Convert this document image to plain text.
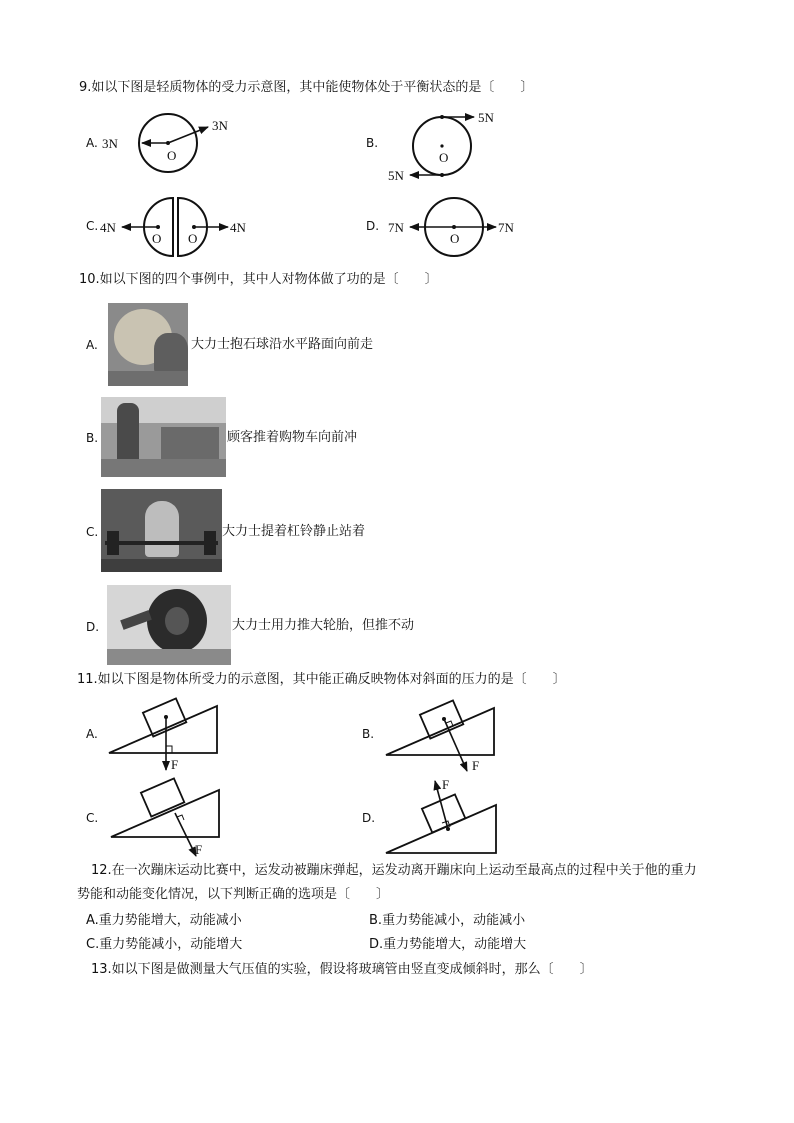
9.如以下图是轻质物体的受力示意图，其中能使物体处于平衡状态的是〔　　〕
A. 3N
3N
O
B.
5N
5N
O
C. 4N	4N
O O
D. 7N	7N
O
10.如以下图的四个事例中，其中人对物体做了功的是〔　　〕
A.	大力士抱石球沿水平路面向前走
B.	顾客推着购物车向前冲
C.	大力士提着杠铃静止站着
D.	大力士用力推大轮胎，但推不动
11.如以下图是物体所受力的示意图，其中能正确反映物体对斜面的压力的是〔　　〕
A.
F
B.
F
C.
F
D.
F
12.在一次蹦床运动比赛中，运发动被蹦床弹起，运发动离开蹦床向上运动至最高点的过程中关于他的重力
势能和动能变化情况，以下判断正确的选项是〔　　〕
A.重力势能增大，动能减小	B.重力势能减小，动能减小
C.重力势能减小，动能增大	D.重力势能增大，动能增大
13.如以下图是做测量大气压值的实验，假设将玻璃管由竖直变成倾斜时，那么〔　　〕
